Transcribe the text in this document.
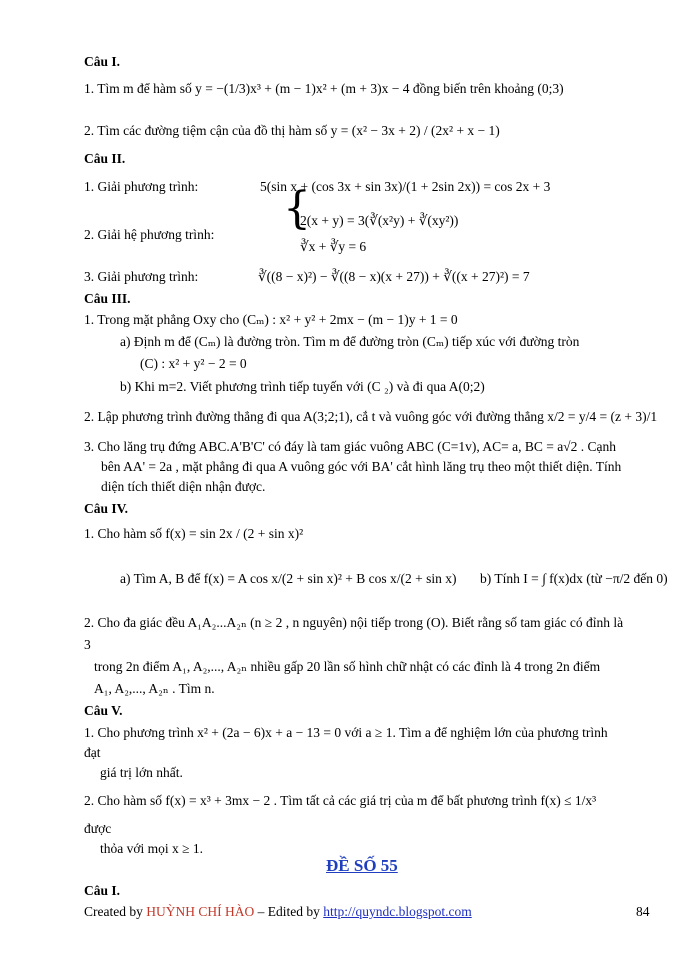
Câu I.
1. Tìm m để hàm số y = −(1/3)x³ + (m − 1)x² + (m + 3)x − 4 đồng biến trên khoảng (0;3)
2. Tìm các đường tiệm cận của đồ thị hàm số y = (x² − 3x + 2) / (2x² + x − 1)
Câu II.
1. Giải phương trình:	5(sin x + (cos 3x + sin 3x)/(1 + 2sin 2x)) = cos 2x + 3
2. Giải hệ phương trình:
{
2(x + y) = 3(∛(x²y) + ∛(xy²))
∛x + ∛y = 6
3. Giải phương trình:	∛((8 − x)²) − ∛((8 − x)(x + 27)) + ∛((x + 27)²) = 7
Câu III.
1. Trong mặt phẳng Oxy cho (Cₘ) : x² + y² + 2mx − (m − 1)y + 1 = 0
a) Định m để (Cₘ) là đường tròn. Tìm m để đường tròn (Cₘ) tiếp xúc với đường tròn
(C) : x² + y² − 2 = 0
b) Khi m=2. Viết phương trình tiếp tuyến với (C ₂) và đi qua A(0;2)
2. Lập phương trình đường thẳng đi qua A(3;2;1), cắ t và vuông góc với đường thẳng x/2 = y/4 = (z + 3)/1
3. Cho lăng trụ đứng ABC.A'B'C' có đáy là tam giác vuông ABC (C=1v), AC= a, BC = a√2 . Cạnh
bên AA' = 2a , mặt phẳng đi qua A vuông góc với BA' cắt hình lăng trụ theo một thiết diện. Tính
diện tích thiết diện nhận được.
Câu IV.
1. Cho hàm số f(x) = sin 2x / (2 + sin x)²
a) Tìm A, B để f(x) = A cos x/(2 + sin x)² + B cos x/(2 + sin x) b) Tính I = ∫ f(x)dx (từ −π/2 đến 0)
2. Cho đa giác đều A₁A₂...A₂ₙ (n ≥ 2 , n nguyên) nội tiếp trong (O). Biết rằng số tam giác có đỉnh là
3
trong 2n điểm A₁, A₂,..., A₂ₙ nhiều gấp 20 lần số hình chữ nhật có các đỉnh là 4 trong 2n điểm
A₁, A₂,..., A₂ₙ . Tìm n.
Câu V.
1. Cho phương trình x² + (2a − 6)x + a − 13 = 0 với a ≥ 1. Tìm a để nghiệm lớn của phương trình
đạt
giá trị lớn nhất.
2. Cho hàm số f(x) = x³ + 3mx − 2 . Tìm tất cả các giá trị của m để bất phương trình f(x) ≤ 1/x³
được
thỏa với mọi x ≥ 1.
ĐỀ SỐ 55
Câu I.
Created by HUỲNH CHÍ HÀO – Edited by http://quyndc.blogspot.com	84
